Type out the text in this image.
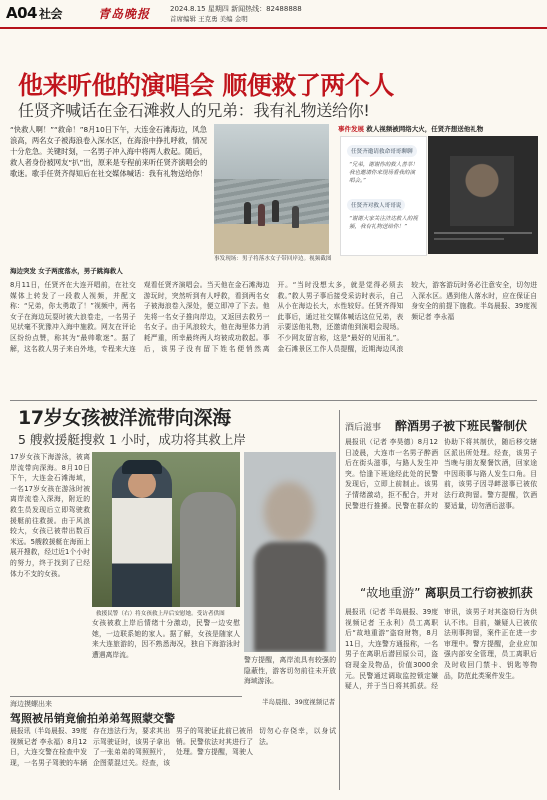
A04 社会	青岛晚报	2024.8.15 星期四 新闻热线：82488888
首席编辑 王克勇 美编 金明
他来听他的演唱会 顺便救了两个人
任贤齐喊话在金石滩救人的兄弟：我有礼物送给你!
“快救人啊！”“救命！”8月10日下午，大连金石滩海边，风急浪高，两名女子被海浪卷入深水区，在海浪中挣扎呼救，情况十分危急。关键时刻，一名男子冲入海中将两人救起。随后，救人者身份被网友“扒”出，原来是专程前来听任贤齐演唱会的歌迷。歌手任贤齐得知后在社交媒体喊话：我有礼物送给你！
事发现场：男子将落水女子带回岸边。视频截图
事件发展 救人视频被网络大火，任贤齐想送他礼物
任贤齐邀请救命哥哥聊聊
“兄弟，谢谢你的救人善举！我也邀请你来现场看我的演唱会。”
任贤齐对救人哥哥说
“谢谢大家关注济达救人的视频，我有礼物送给你！”
海边突发 女子两度落水，男子跳海救人
8月11日，任贤齐在大连开唱前，在社交媒体上转发了一段救人视频，并配文称：“兄弟，你太勇敢了！”视频中，两名女子在海边玩耍时被大浪卷走，一名男子见状毫不犹豫冲入海中施救。网友在评论区纷纷点赞，称其为“最帅歌迷”。据了解，这名救人男子来自外地，专程来大连观看任贤齐演唱会。当天他在金石滩海边游玩时，突然听到有人呼救，看到两名女子被海浪卷入深处，便立即冲了下去。他先将一名女子推向岸边，又返回去救另一名女子。由于风浪较大，他在海里体力消耗严重，所幸最终两人均被成功救起。事后，该男子没有留下姓名便悄然离开。“当时没想太多，就是觉得必须去救。”救人男子事后接受采访时表示，自己从小在海边长大，水性较好。任贤齐得知此事后，通过社交媒体喊话这位兄弟，表示要送他礼物，还邀请他到演唱会现场。不少网友留言称，这是“最好的见面礼”。金石滩景区工作人员提醒，近期海边风浪较大，游客游玩时务必注意安全，切勿进入深水区。遇到他人落水时，应在保证自身安全的前提下施救。半岛晨报、39度视频记者 李永福
17岁女孩被洋流带向深海
5 艘救援艇搜救 1 小时，成功将其救上岸
17岁女孩下海游泳，被离岸流带向深海。8月10日下午，大连金石滩海域，一名17岁女孩在游泳时被离岸流卷入深海，附近的救生员发现后立即驾驶救援艇前往救援。由于风浪较大，女孩已被带出数百米远。5艘救援艇在海面上展开搜救，经过近1个小时的努力，终于找到了已经体力不支的女孩。
救援民警（右）将女孩救上岸后安慰她。受访者供图
女孩被救上岸后情绪十分激动，民警一边安慰她，一边联系她的家人。据了解，女孩是随家人来大连旅游的，因不熟悉海况，独自下海游泳时遭遇离岸流。
警方提醒，离岸流具有较强的隐蔽性，游客切勿前往未开放海域游泳。
半岛晨报、39度视频记者
酒后滋事 醉酒男子被下班民警制伏
晨报讯（记者 李昊德）8月12日凌晨，大连市一名男子醉酒后在街头滋事，与路人发生冲突。恰逢下班途经此处的民警发现后，立即上前制止。该男子情绪激动，拒不配合，并对民警进行推搡。民警在群众的协助下将其制伏，随后移交辖区派出所处理。经查，该男子当晚与朋友聚餐饮酒，回家途中因琐事与路人发生口角。目前，该男子因寻衅滋事已被依法行政拘留。警方提醒，饮酒要适量，切勿酒后滋事。
“故地重游” 离职员工行窃被抓获
晨报讯（记者 半岛晨报、39度视频记者 王永利）员工离职后“故地重游”盗窃财物，8月11日，大连警方通报称，一名男子在离职后潜回原公司，盗窃现金及物品，价值3000余元。民警通过调取监控锁定嫌疑人，并于当日将其抓获。经审讯，该男子对其盗窃行为供认不讳。目前，嫌疑人已被依法刑事拘留，案件正在进一步审理中。警方提醒，企业应加强内部安全管理，员工离职后及时收回门禁卡、钥匙等物品，防范此类案件发生。
海边摸螺出来
驾照被吊销竟偷拍弟弟驾照蒙交警
晨报讯（半岛晨报、39度视频记者 李永福）8月12日，大连交警在检查中发现，一名男子驾驶的车辆存在违法行为，要求其出示驾驶证时，该男子拿出了一张弟弟的驾照照片，企图蒙混过关。经查，该男子的驾驶证此前已被吊销。民警依法对其进行了处理。警方提醒，驾驶人切勿心存侥幸，以身试法。
